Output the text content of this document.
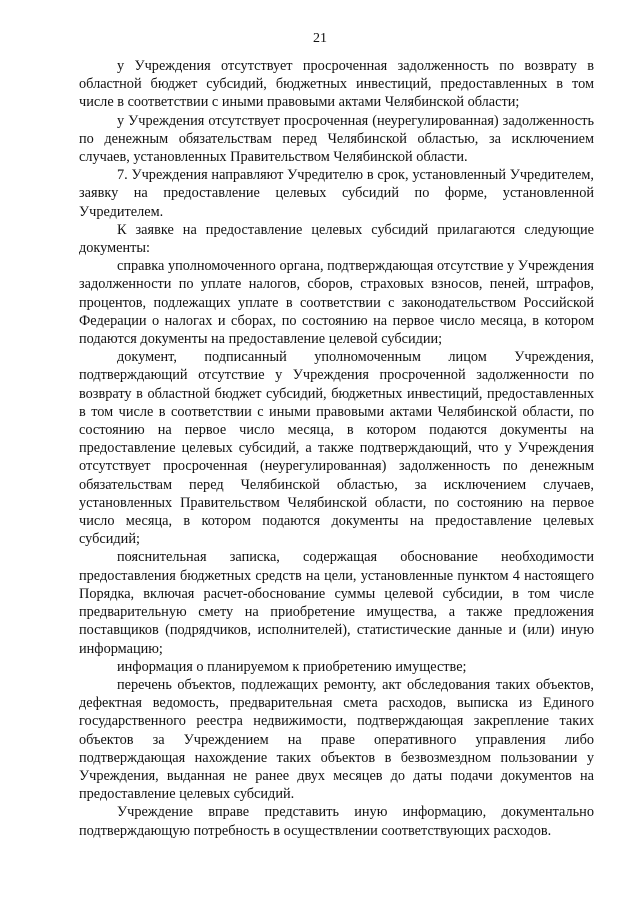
21

у Учреждения отсутствует просроченная задолженность по возврату в областной бюджет субсидий, бюджетных инвестиций, предоставленных в том числе в соответствии с иными правовыми актами Челябинской области;

у Учреждения отсутствует просроченная (неурегулированная) задолженность по денежным обязательствам перед Челябинской областью, за исключением случаев, установленных Правительством Челябинской области.

7. Учреждения направляют Учредителю в срок, установленный Учредителем, заявку на предоставление целевых субсидий по форме, установленной Учредителем.

К заявке на предоставление целевых субсидий прилагаются следующие документы:

справка уполномоченного органа, подтверждающая отсутствие у Учреждения задолженности по уплате налогов, сборов, страховых взносов, пеней, штрафов, процентов, подлежащих уплате в соответствии с законодательством Российской Федерации о налогах и сборах, по состоянию на первое число месяца, в котором подаются документы на предоставление целевой субсидии;

документ, подписанный уполномоченным лицом Учреждения, подтверждающий отсутствие у Учреждения просроченной задолженности по возврату в областной бюджет субсидий, бюджетных инвестиций, предоставленных в том числе в соответствии с иными правовыми актами Челябинской области, по состоянию на первое число месяца, в котором подаются документы на предоставление целевых субсидий, а также подтверждающий, что у Учреждения отсутствует просроченная (неурегулированная) задолженность по денежным обязательствам перед Челябинской областью, за исключением случаев, установленных Правительством Челябинской области, по состоянию на первое число месяца, в котором подаются документы на предоставление целевых субсидий;

пояснительная записка, содержащая обоснование необходимости предоставления бюджетных средств на цели, установленные пунктом 4 настоящего Порядка, включая расчет-обоснование суммы целевой субсидии, в том числе предварительную смету на приобретение имущества, а также предложения поставщиков (подрядчиков, исполнителей), статистические данные и (или) иную информацию;

информация о планируемом к приобретению имуществе;

перечень объектов, подлежащих ремонту, акт обследования таких объектов, дефектная ведомость, предварительная смета расходов, выписка из Единого государственного реестра недвижимости, подтверждающая закрепление таких объектов за Учреждением на праве оперативного управления либо подтверждающая нахождение таких объектов в безвозмездном пользовании у Учреждения, выданная не ранее двух месяцев до даты подачи документов на предоставление целевых субсидий.

Учреждение вправе представить иную информацию, документально подтверждающую потребность в осуществлении соответствующих расходов.
